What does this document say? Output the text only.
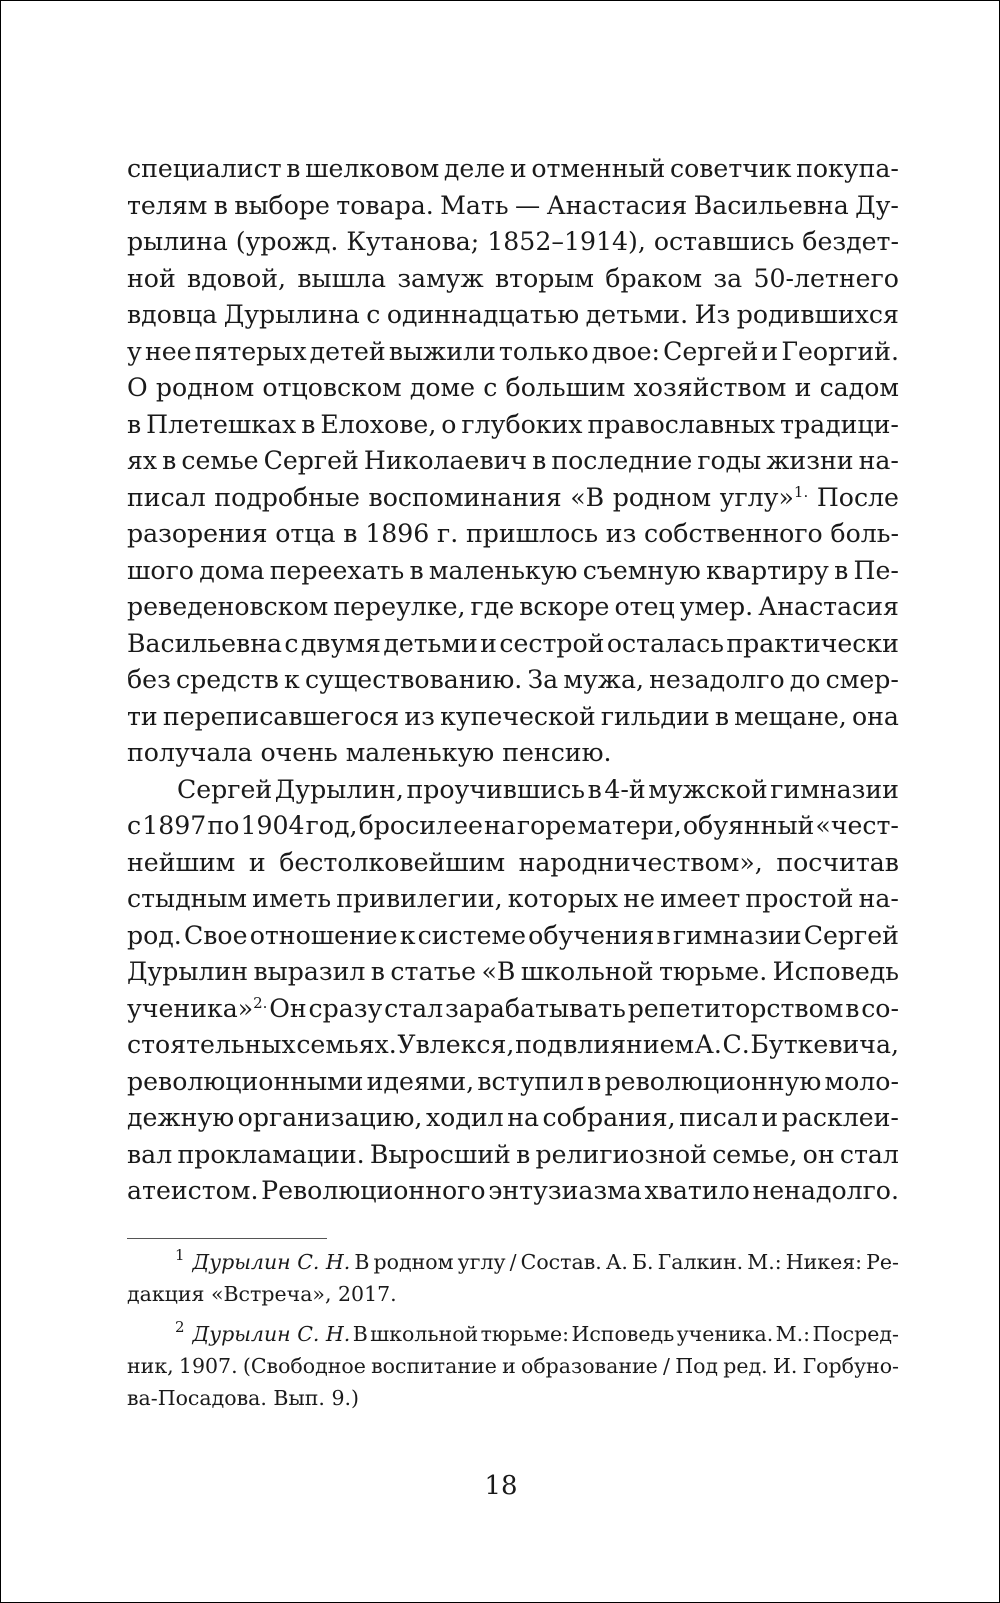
специалист в шелковом деле и отменный советчик покупа-
телям в выборе товара. Мать — Анастасия Васильевна Ду-
рылина (урожд. Кутанова; 1852–1914), оставшись бездет-
ной вдовой, вышла замуж вторым браком за 50-летнего
вдовца Дурылина с одиннадцатью детьми. Из родившихся
у нее пятерых детей выжили только двое: Сергей и Георгий.
О родном отцовском доме с большим хозяйством и садом
в Плетешках в Елохове, о глубоких православных традици-
ях в семье Сергей Николаевич в последние годы жизни на-
писал подробные воспоминания «В родном углу»$^{1.}$ После
разорения отца в 1896 г. пришлось из собственного боль-
шого дома переехать в маленькую съемную квартиру в Пе-
реведеновском переулке, где вскоре отец умер. Анастасия
Васильевна с двумя детьми и сестрой осталась практически
без средств к существованию. За мужа, незадолго до смер-
ти переписавшегося из купеческой гильдии в мещане, она
получала очень маленькую пенсию.
Сергей Дурылин, проучившись в 4-й мужской гимназии
с 1897 по 1904 год, бросил ее на горе матери, обуянный «чест-
нейшим и бестолковейшим народничеством», посчитав
стыдным иметь привилегии, которых не имеет простой на-
род. Свое отношение к системе обучения в гимназии Сергей
Дурылин выразил в статье «В школьной тюрьме. Исповедь
ученика»$^{2.}$ Он сразу стал зарабатывать репетиторством в со-
стоятельных семьях. Увлекся, под влиянием А. С. Буткевича,
революционными идеями, вступил в революционную моло-
дежную организацию, ходил на собрания, писал и расклеи-
вал прокламации. Выросший в религиозной семье, он стал
атеистом. Революционного энтузиазма хватило ненадолго.
$^1$ Дурылин С. Н. В родном углу / Состав. А. Б. Галкин. М.: Никея: Ре-
дакция «Встреча», 2017.
$^2$ Дурылин С. Н. В школьной тюрьме: Исповедь ученика. М.: Посред-
ник, 1907. (Свободное воспитание и образование / Под ред. И. Горбуно-
ва-Посадова. Вып. 9.)
18
